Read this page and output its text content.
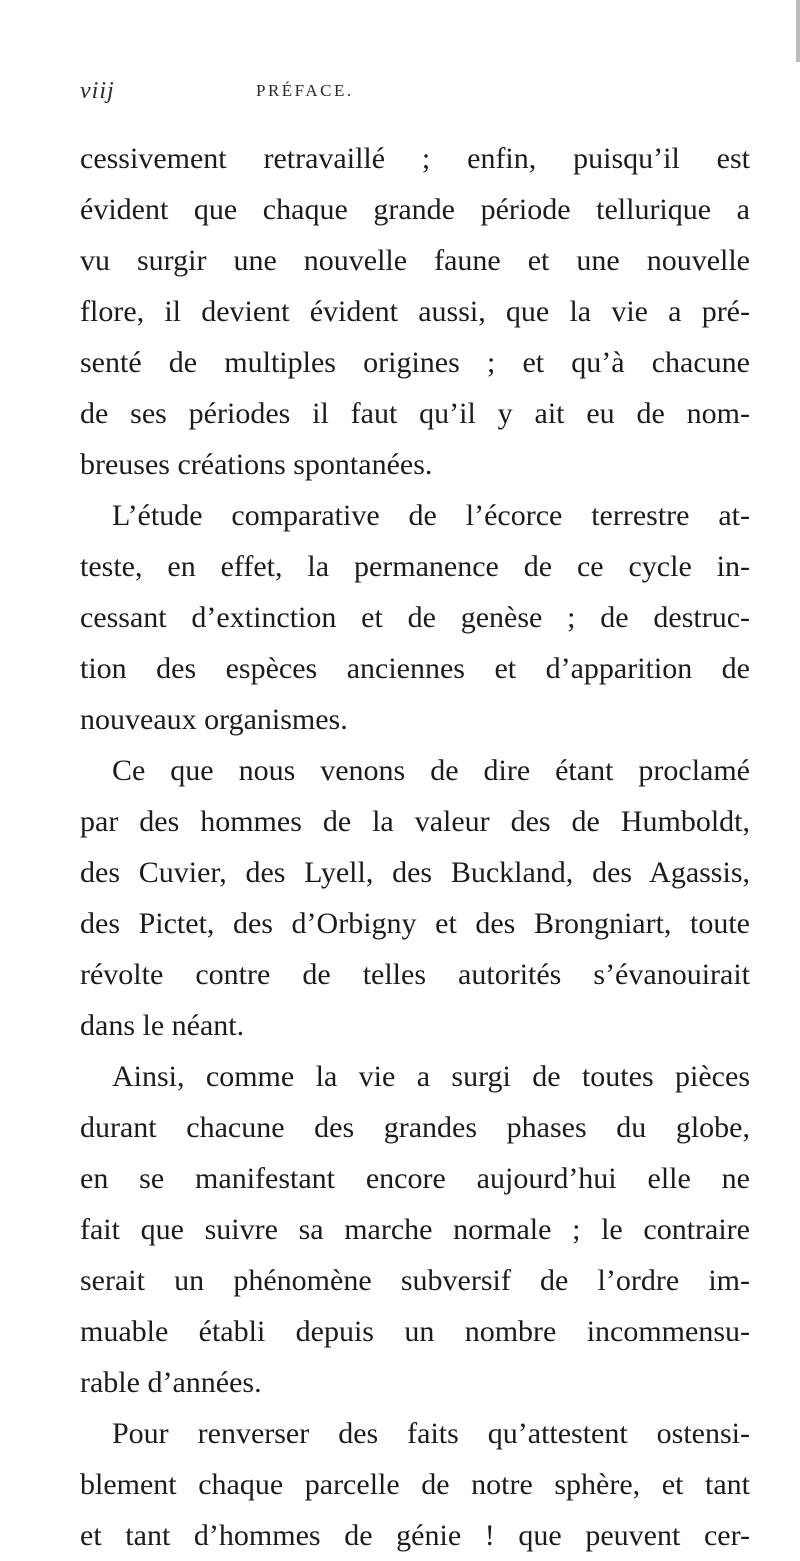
viij	PRÉFACE.
cessivement retravaillé ; enfin, puisqu’il est
évident que chaque grande période tellurique a
vu surgir une nouvelle faune et une nouvelle
flore, il devient évident aussi, que la vie a pré-
senté de multiples origines ; et qu’à chacune
de ses périodes il faut qu’il y ait eu de nom-
breuses créations spontanées.
L’étude comparative de l’écorce terrestre at-
teste, en effet, la permanence de ce cycle in-
cessant d’extinction et de genèse ; de destruc-
tion des espèces anciennes et d’apparition de
nouveaux organismes.
Ce que nous venons de dire étant proclamé
par des hommes de la valeur des de Humboldt,
des Cuvier, des Lyell, des Buckland, des Agassis,
des Pictet, des d’Orbigny et des Brongniart, toute
révolte contre de telles autorités s’évanouirait
dans le néant.
Ainsi, comme la vie a surgi de toutes pièces
durant chacune des grandes phases du globe,
en se manifestant encore aujourd’hui elle ne
fait que suivre sa marche normale ; le contraire
serait un phénomène subversif de l’ordre im-
muable établi depuis un nombre incommensu-
rable d’années.
Pour renverser des faits qu’attestent ostensi-
blement chaque parcelle de notre sphère, et tant
et tant d’hommes de génie ! que peuvent cer-
